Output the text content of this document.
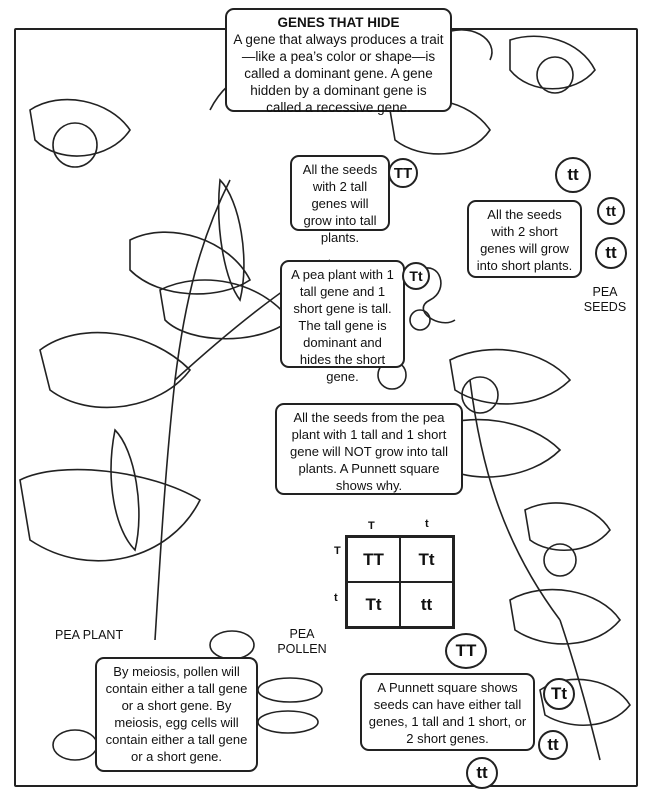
GENES THAT HIDE

A gene that always produces a trait—like a pea’s color or shape—is called a dominant gene. A gene hidden by a dominant gene is called a recessive gene.

All the seeds with 2 tall genes will grow into tall plants.

All the seeds with 2 short genes will grow into short plants.

A pea plant with 1 tall gene and 1 short gene is tall. The tall gene is dominant and hides the short gene.

All the seeds from the pea plant with 1 tall and 1 short gene will NOT grow into tall plants. A Punnett square shows why.

By meiosis, pollen will contain either a tall gene or a short gene. By meiosis, egg cells will contain either a tall gene or a short gene.

A Punnett square shows seeds can have either tall genes, 1 tall and 1 short, or 2 short genes.

PEA
SEEDS
PEA PLANT	PEA
POLLEN
TT
Tt
tt
tt
tt
TT
Tt
tt
tt
T	t
T
t
TT	Tt
Tt	tt
